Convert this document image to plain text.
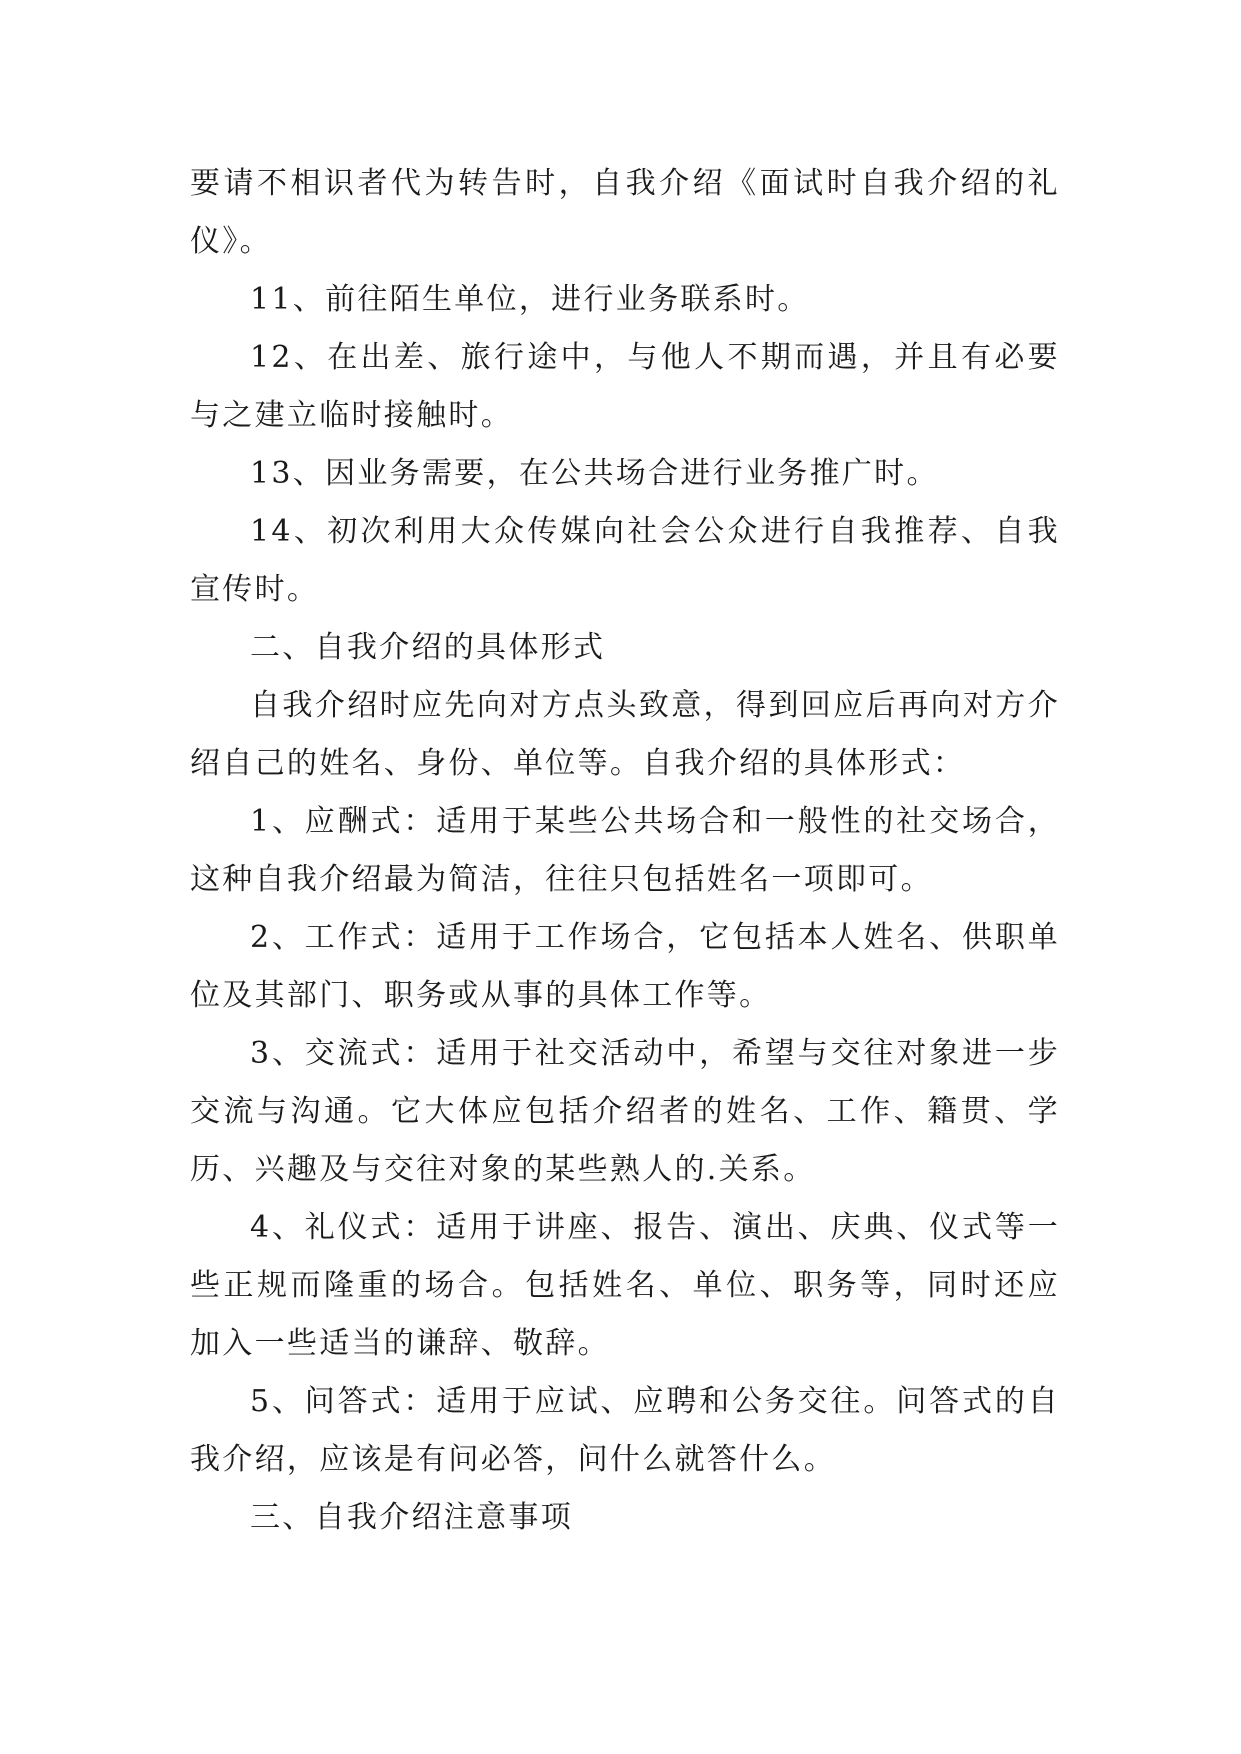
要请不相识者代为转告时，自我介绍《面试时自我介绍的礼仪》。

11、前往陌生单位，进行业务联系时。

12、在出差、旅行途中，与他人不期而遇，并且有必要与之建立临时接触时。

13、因业务需要，在公共场合进行业务推广时。

14、初次利用大众传媒向社会公众进行自我推荐、自我宣传时。

二、自我介绍的具体形式

自我介绍时应先向对方点头致意，得到回应后再向对方介绍自己的姓名、身份、单位等。自我介绍的具体形式：

1、应酬式：适用于某些公共场合和一般性的社交场合，这种自我介绍最为简洁，往往只包括姓名一项即可。

2、工作式：适用于工作场合，它包括本人姓名、供职单位及其部门、职务或从事的具体工作等。

3、交流式：适用于社交活动中，希望与交往对象进一步交流与沟通。它大体应包括介绍者的姓名、工作、籍贯、学历、兴趣及与交往对象的某些熟人的.关系。

4、礼仪式：适用于讲座、报告、演出、庆典、仪式等一些正规而隆重的场合。包括姓名、单位、职务等，同时还应加入一些适当的谦辞、敬辞。

5、问答式：适用于应试、应聘和公务交往。问答式的自我介绍，应该是有问必答，问什么就答什么。

三、自我介绍注意事项
